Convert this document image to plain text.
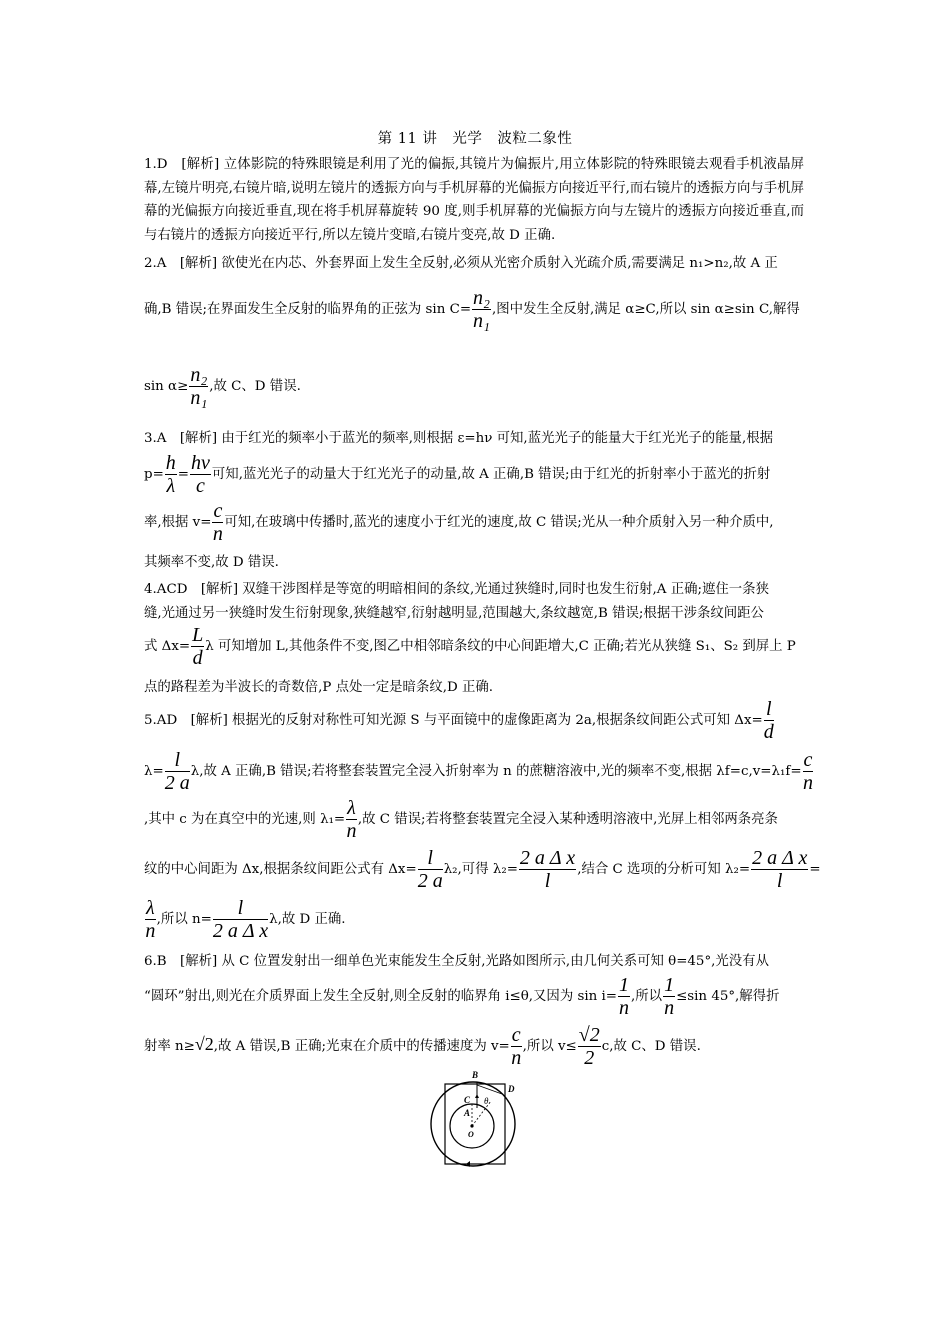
第 11 讲　光学　波粒二象性
1.D　[解析] 立体影院的特殊眼镜是利用了光的偏振,其镜片为偏振片,用立体影院的特殊眼镜去观看手机液晶屏幕,左镜片明亮,右镜片暗,说明左镜片的透振方向与手机屏幕的光偏振方向接近平行,而右镜片的透振方向与手机屏幕的光偏振方向接近垂直,现在将手机屏幕旋转 90 度,则手机屏幕的光偏振方向与左镜片的透振方向接近垂直,而与右镜片的透振方向接近平行,所以左镜片变暗,右镜片变亮,故 D 正确.
2.A　[解析] 欲使光在内芯、外套界面上发生全反射,必须从光密介质射入光疏介质,需要满足 n₁>n₂,故 A 正
确,B 错误;在界面发生全反射的临界角的正弦为 $\sin C= \frac{\text{n₂}}{\text{n₁}}$ ,图中发生全反射,满足 α≥C,所以 sin α≥sin C,解得
$\sin \alpha\ge \frac{\text{n₂}}{\text{n₁}}$ ,故 C、D 错误.
3.A　[解析] 由于红光的频率小于蓝光的频率,则根据 ε=hν 可知,蓝光光子的能量大于红光光子的能量,根据
$p= \frac{h}{\lambda} = \frac{h\nu}{c}$ 可知,蓝光光子的动量大于红光光子的动量,故 A 正确,B 错误;由于红光的折射率小于蓝光的折射
率,根据 $v= \frac{c}{n}$ 可知,在玻璃中传播时,蓝光的速度小于红光的速度,故 C 错误;光从一种介质射入另一种介质中,
其频率不变,故 D 错误.
4.ACD　[解析] 双缝干涉图样是等宽的明暗相间的条纹,光通过狭缝时,同时也发生衍射,A 正确;遮住一条狭
缝,光通过另一狭缝时发生衍射现象,狭缝越窄,衍射越明显,范围越大,条纹越宽,B 错误;根据干涉条纹间距公
式 $\Delta x= \frac{L}{d}$ λ 可知增加 L,其他条件不变,图乙中相邻暗条纹的中心间距增大,C 正确;若光从狭缝 S₁、S₂ 到屏上 P
点的路程差为半波长的奇数倍,P 点处一定是暗条纹,D 正确.
5.AD　[解析] 根据光的反射对称性可知光源 S 与平面镜中的虚像距离为 2a,根据条纹间距公式可知 $\Delta x= \frac{l}{d}$
$\lambda= \frac{l}{2 a} \lambda$,故 A 正确,B 错误;若将整套装置完全浸入折射率为 n 的蔗糖溶液中,光的频率不变,根据 $\lambda f=c,v=\lambda_1f= \frac{c}{n}$
,其中 c 为在真空中的光速,则 $\lambda_1= \frac{\lambda}{n}$ ,故 C 错误;若将整套装置完全浸入某种透明溶液中,光屏上相邻两条亮条
纹的中心间距为 Δx,根据条纹间距公式有 $\Delta x= \frac{l}{2 a} \lambda_2$,可得 $\lambda_2= \frac{\text{2 a Δ x}}{l}$ ,结合 C 选项的分析可知 $\lambda_2= \frac{\text{2 a Δ x}}{l}$ =
$\frac{\lambda}{n}$ ,所以 $n= \frac{l}{\text{2 a Δ x}} \lambda$,故 D 正确.
6.B　[解析] 从 C 位置发射出一细单色光束能发生全反射,光路如图所示,由几何关系可知 θ=45°,光没有从
“圆环”射出,则光在介质界面上发生全反射,则全反射的临界角 i≤θ,又因为 $\sin i= \frac{1}{n}$ ,所以 $\frac{1}{n} \le\sin$ 45°,解得折
射率 n≥√2,故 A 错误,B 正确;光束在介质中的传播速度为 $v= \frac{c}{n}$ ,所以 $v\le \frac{√2}{2} c$,故 C、D 错误.
B
D
C θ
A
O
